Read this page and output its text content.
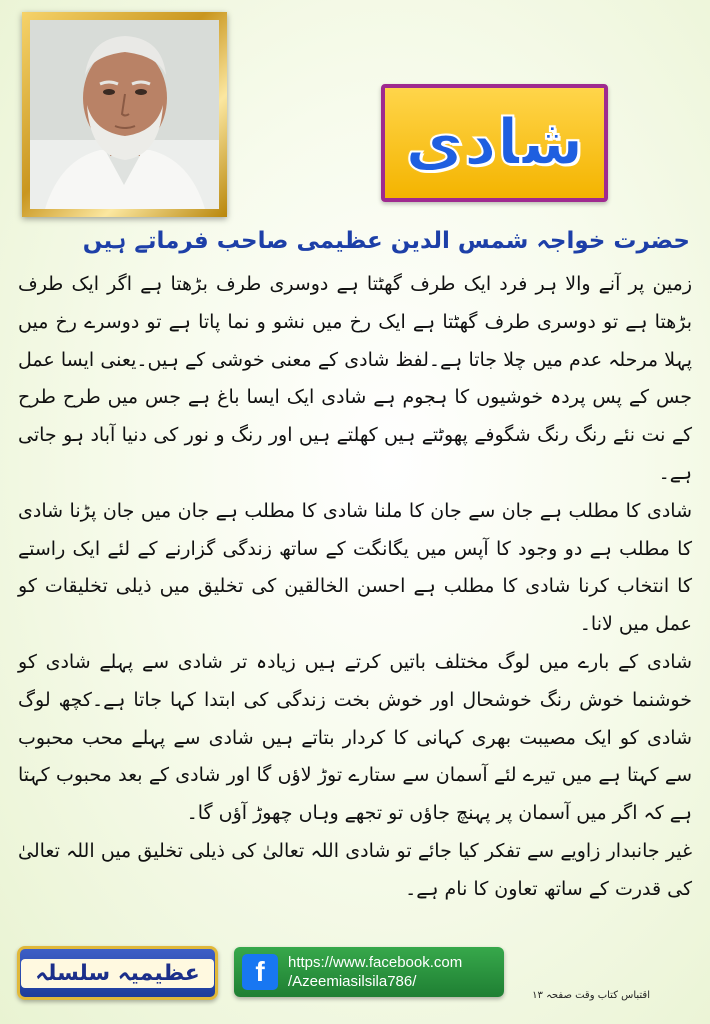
شادی
حضرت خواجہ شمس الدین عظیمی صاحب فرماتے ہیں

زمین پر آنے والا ہر فرد ایک طرف گھٹتا ہے دوسری طرف بڑھتا ہے اگر ایک طرف بڑھتا ہے تو دوسری طرف گھٹتا ہے ایک رخ میں نشو و نما پاتا ہے تو دوسرے رخ میں پہلا مرحلہ عدم میں چلا جاتا ہے۔لفظ شادی کے معنی خوشی کے ہیں۔یعنی ایسا عمل جس کے پس پردہ خوشیوں کا ہجوم ہے شادی ایک ایسا باغ ہے جس میں طرح طرح کے نت نئے رنگ رنگ شگوفے پھوٹتے ہیں کھلتے ہیں اور رنگ و نور کی دنیا آباد ہو جاتی ہے۔

شادی کا مطلب ہے جان سے جان کا ملنا شادی کا مطلب ہے جان میں جان پڑنا شادی کا مطلب ہے دو وجود کا آپس میں یگانگت کے ساتھ زندگی گزارنے کے لئے ایک راستے کا انتخاب کرنا شادی کا مطلب ہے احسن الخالقین کی تخلیق میں ذیلی تخلیقات کو عمل میں لانا۔

شادی کے بارے میں لوگ مختلف باتیں کرتے ہیں زیادہ تر شادی سے پہلے شادی کو خوشنما خوش رنگ خوشحال اور خوش بخت زندگی کی ابتدا کہا جاتا ہے۔کچھ لوگ شادی کو ایک مصیبت بھری کہانی کا کردار بتاتے ہیں شادی سے پہلے محب محبوب سے کہتا ہے میں تیرے لئے آسمان سے ستارے توڑ لاؤں گا اور شادی کے بعد محبوب کہتا ہے کہ اگر میں آسمان پر پہنچ جاؤں تو تجھے وہاں چھوڑ آؤں گا۔

غیر جانبدار زاویے سے تفکر کیا جائے تو شادی اللہ تعالیٰ کی ذیلی تخلیق میں اللہ تعالیٰ کی قدرت کے ساتھ تعاون کا نام ہے۔

عظیمیہ سلسلہ	f	https://www.facebook.com
/Azeemiasilsila786/
اقتباس کتاب وقت صفحہ ۱۳
